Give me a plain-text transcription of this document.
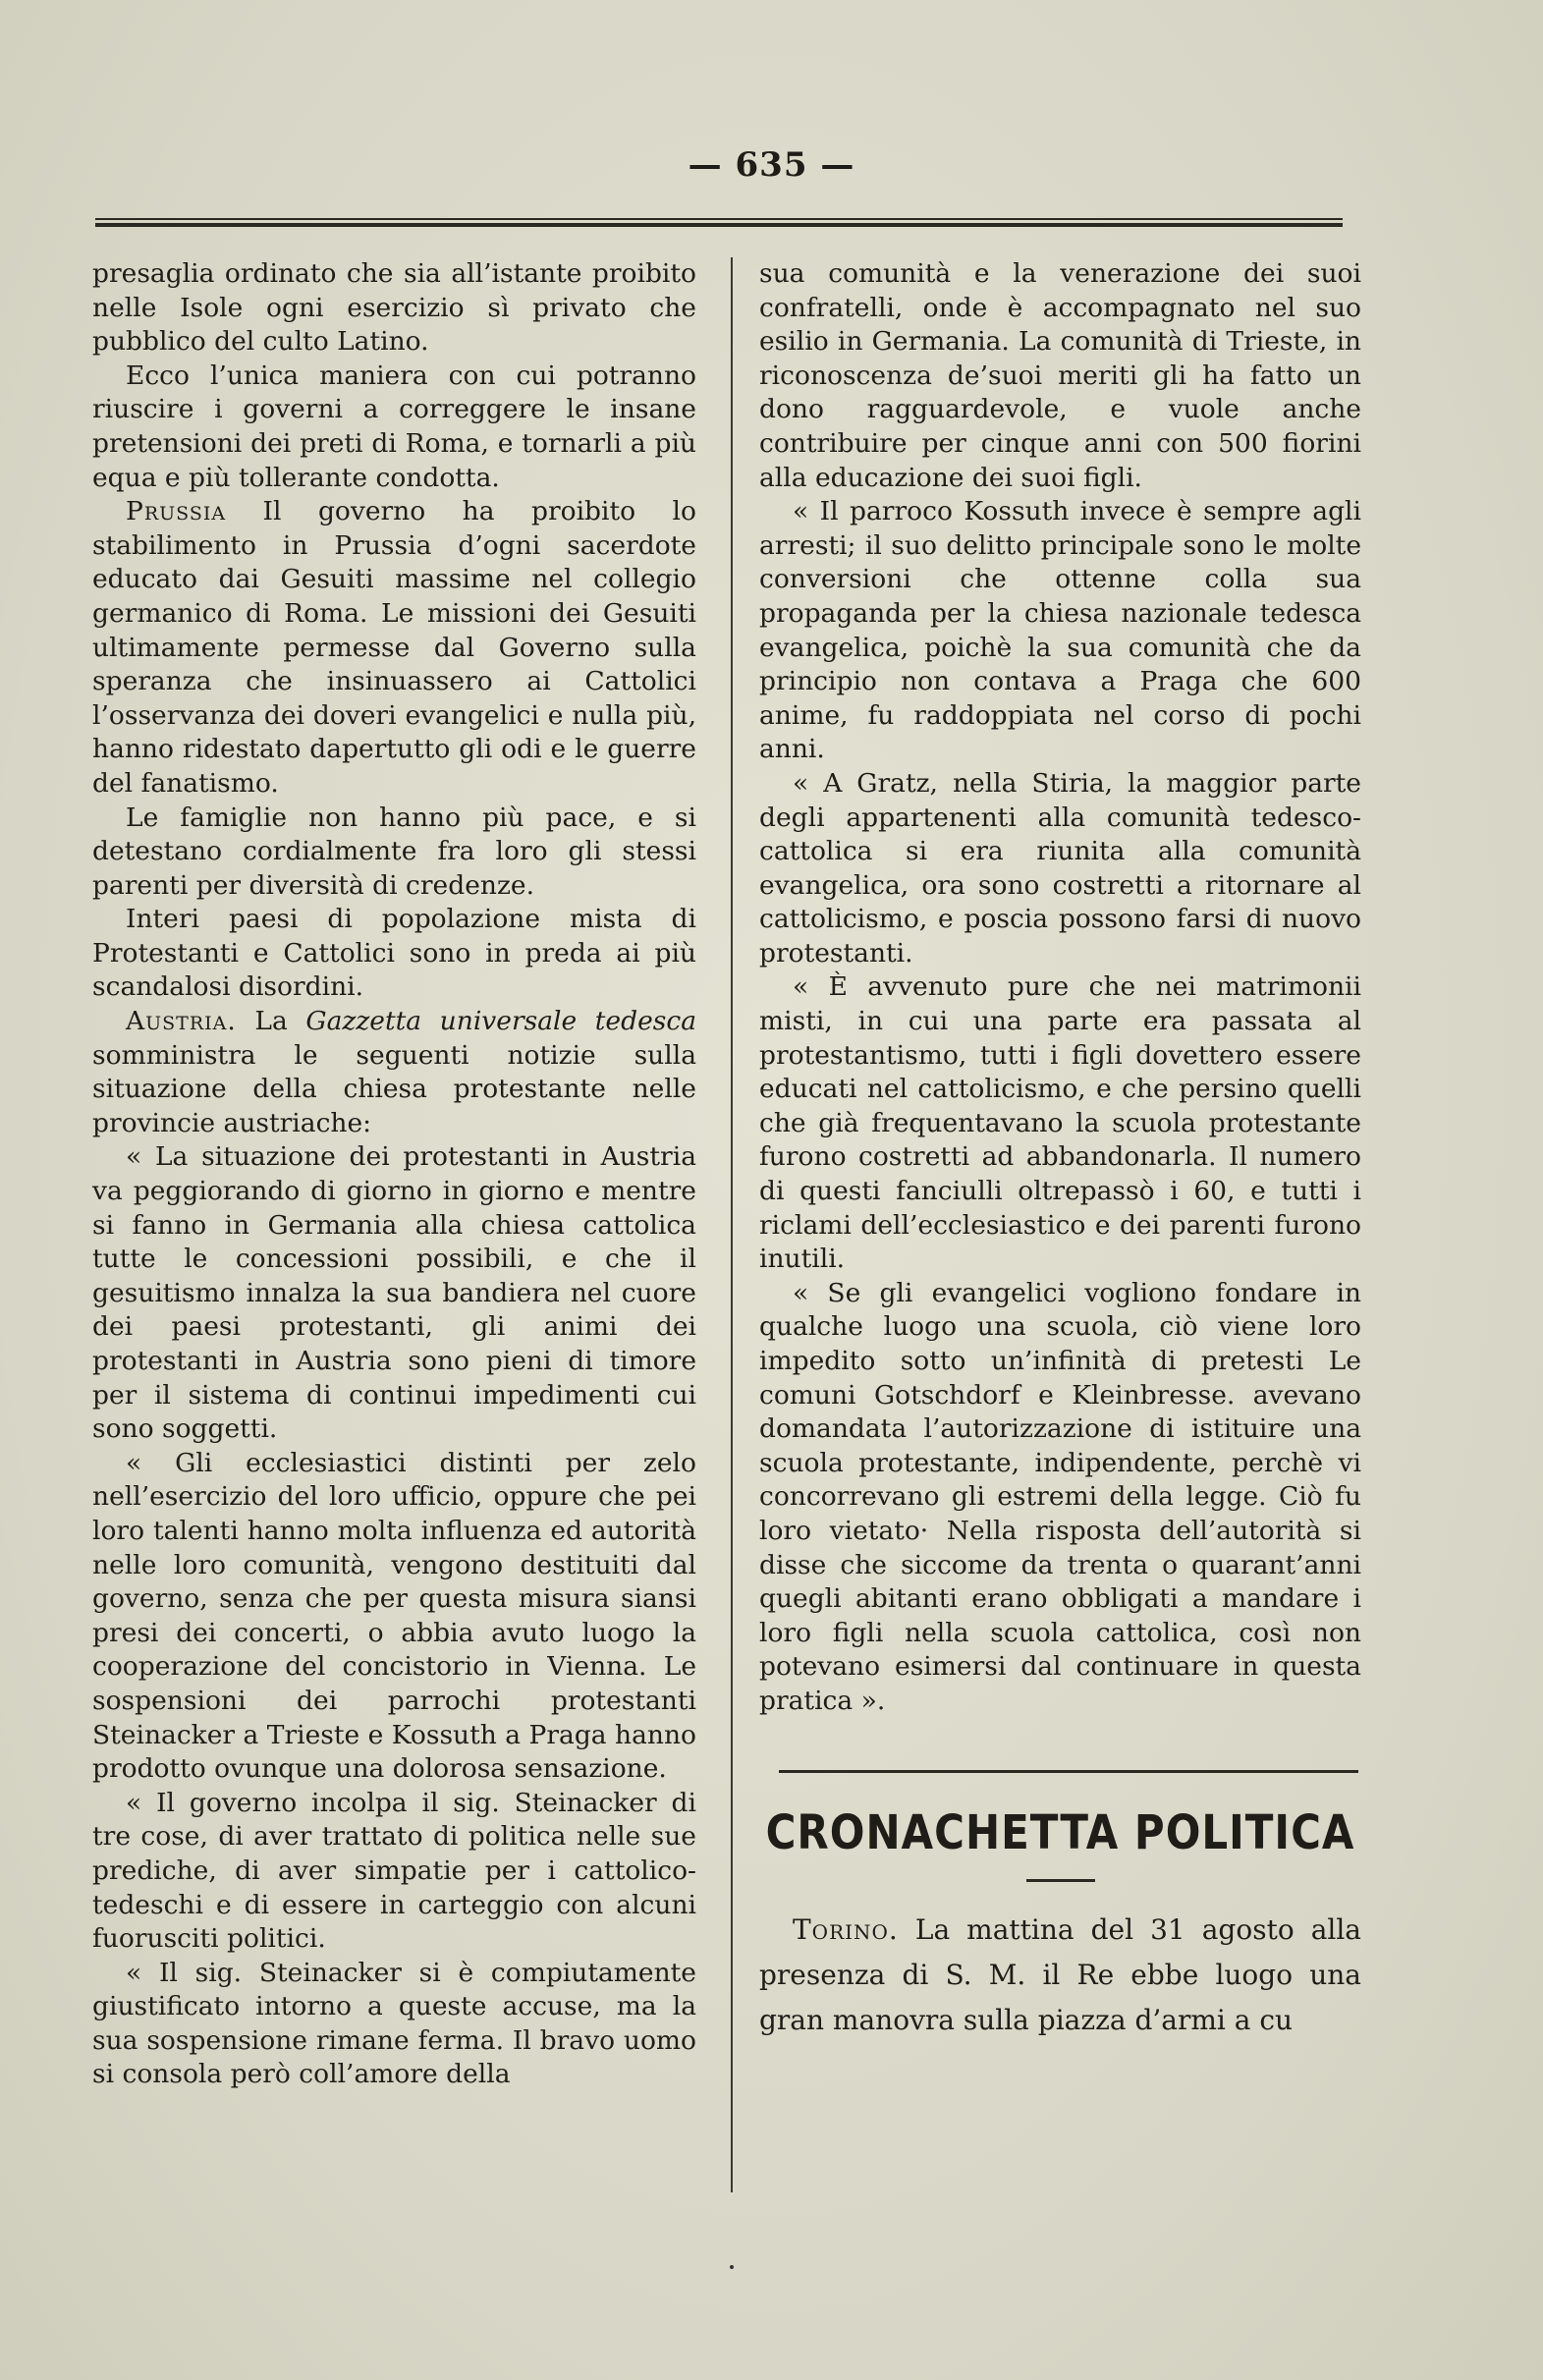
— 635 —

presaglia ordinato che sia all’istante proibito nelle Isole ogni esercizio sì privato che pubblico del culto Latino.

Ecco l’unica maniera con cui potranno riuscire i governi a correggere le insane pretensioni dei preti di Roma, e tornarli a più equa e più tollerante condotta.

Prussia Il governo ha proibito lo stabilimento in Prussia d’ogni sacerdote educato dai Gesuiti massime nel collegio germanico di Roma. Le missioni dei Gesuiti ultimamente permesse dal Governo sulla speranza che insinuassero ai Cattolici l’osservanza dei doveri evangelici e nulla più, hanno ridestato dapertutto gli odi e le guerre del fanatismo.

Le famiglie non hanno più pace, e si detestano cordialmente fra loro gli stessi parenti per diversità di credenze.

Interi paesi di popolazione mista di Protestanti e Cattolici sono in preda ai più scandalosi disordini.

Austria. La Gazzetta universale tedesca somministra le seguenti notizie sulla situazione della chiesa protestante nelle provincie austriache:

« La situazione dei protestanti in Austria va peggiorando di giorno in giorno e mentre si fanno in Germania alla chiesa cattolica tutte le concessioni possibili, e che il gesuitismo innalza la sua bandiera nel cuore dei paesi protestanti, gli animi dei protestanti in Austria sono pieni di timore per il sistema di continui impedimenti cui sono soggetti.

« Gli ecclesiastici distinti per zelo nell’esercizio del loro ufficio, oppure che pei loro talenti hanno molta influenza ed autorità nelle loro comunità, vengono destituiti dal governo, senza che per questa misura siansi presi dei concerti, o abbia avuto luogo la cooperazione del concistorio in Vienna. Le sospensioni dei parrochi protestanti Steinacker a Trieste e Kossuth a Praga hanno prodotto ovunque una dolorosa sensazione.

« Il governo incolpa il sig. Steinacker di tre cose, di aver trattato di politica nelle sue prediche, di aver simpatie per i cattolico-tedeschi e di essere in carteggio con alcuni fuorusciti politici.

« Il sig. Steinacker si è compiutamente giustificato intorno a queste accuse, ma la sua sospensione rimane ferma. Il bravo uomo si consola però coll’amore della

sua comunità e la venerazione dei suoi confratelli, onde è accompagnato nel suo esilio in Germania. La comunità di Trieste, in riconoscenza de’suoi meriti gli ha fatto un dono ragguardevole, e vuole anche contribuire per cinque anni con 500 fiorini alla educazione dei suoi figli.

« Il parroco Kossuth invece è sempre agli arresti; il suo delitto principale sono le molte conversioni che ottenne colla sua propaganda per la chiesa nazionale tedesca evangelica, poichè la sua comunità che da principio non contava a Praga che 600 anime, fu raddoppiata nel corso di pochi anni.

« A Gratz, nella Stiria, la maggior parte degli appartenenti alla comunità tedesco-cattolica si era riunita alla comunità evangelica, ora sono costretti a ritornare al cattolicismo, e poscia possono farsi di nuovo protestanti.

« È avvenuto pure che nei matrimonii misti, in cui una parte era passata al protestantismo, tutti i figli dovettero essere educati nel cattolicismo, e che persino quelli che già frequentavano la scuola protestante furono costretti ad abbandonarla. Il numero di questi fanciulli oltrepassò i 60, e tutti i riclami dell’ecclesiastico e dei parenti furono inutili.

« Se gli evangelici vogliono fondare in qualche luogo una scuola, ciò viene loro impedito sotto un’infinità di pretesti Le comuni Gotschdorf e Kleinbresse. avevano domandata l’autorizzazione di istituire una scuola protestante, indipendente, perchè vi concorrevano gli estremi della legge. Ciò fu loro vietato· Nella risposta dell’autorità si disse che siccome da trenta o quarant’anni quegli abitanti erano obbligati a mandare i loro figli nella scuola cattolica, così non potevano esimersi dal continuare in questa pratica ».

CRONACHETTA POLITICA

Torino. La mattina del 31 agosto alla presenza di S. M. il Re ebbe luogo una gran manovra sulla piazza d’armi a cu
